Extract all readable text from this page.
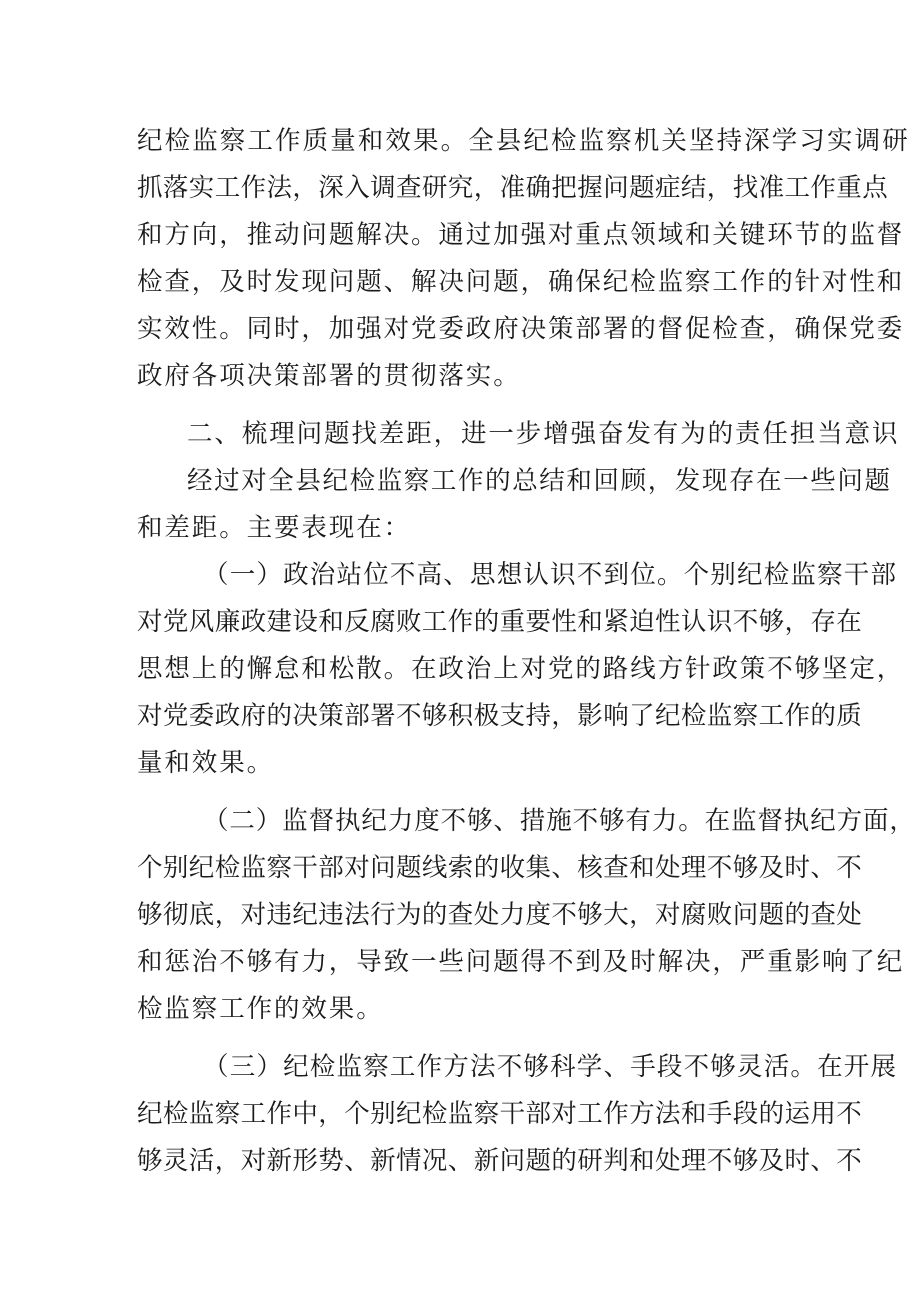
纪检监察工作质量和效果。全县纪检监察机关坚持深学习实调研
抓落实工作法，深入调查研究，准确把握问题症结，找准工作重点
和方向，推动问题解决。通过加强对重点领域和关键环节的监督
检查，及时发现问题、解决问题，确保纪检监察工作的针对性和
实效性。同时，加强对党委政府决策部署的督促检查，确保党委
政府各项决策部署的贯彻落实。
二、梳理问题找差距，进一步增强奋发有为的责任担当意识
经过对全县纪检监察工作的总结和回顾，发现存在一些问题
和差距。主要表现在：
（一）政治站位不高、思想认识不到位。个别纪检监察干部
对党风廉政建设和反腐败工作的重要性和紧迫性认识不够，存在
思想上的懈怠和松散。在政治上对党的路线方针政策不够坚定，
对党委政府的决策部署不够积极支持，影响了纪检监察工作的质
量和效果。
（二）监督执纪力度不够、措施不够有力。在监督执纪方面，
个别纪检监察干部对问题线索的收集、核查和处理不够及时、不
够彻底，对违纪违法行为的查处力度不够大，对腐败问题的查处
和惩治不够有力，导致一些问题得不到及时解决，严重影响了纪
检监察工作的效果。
（三）纪检监察工作方法不够科学、手段不够灵活。在开展
纪检监察工作中，个别纪检监察干部对工作方法和手段的运用不
够灵活，对新形势、新情况、新问题的研判和处理不够及时、不
